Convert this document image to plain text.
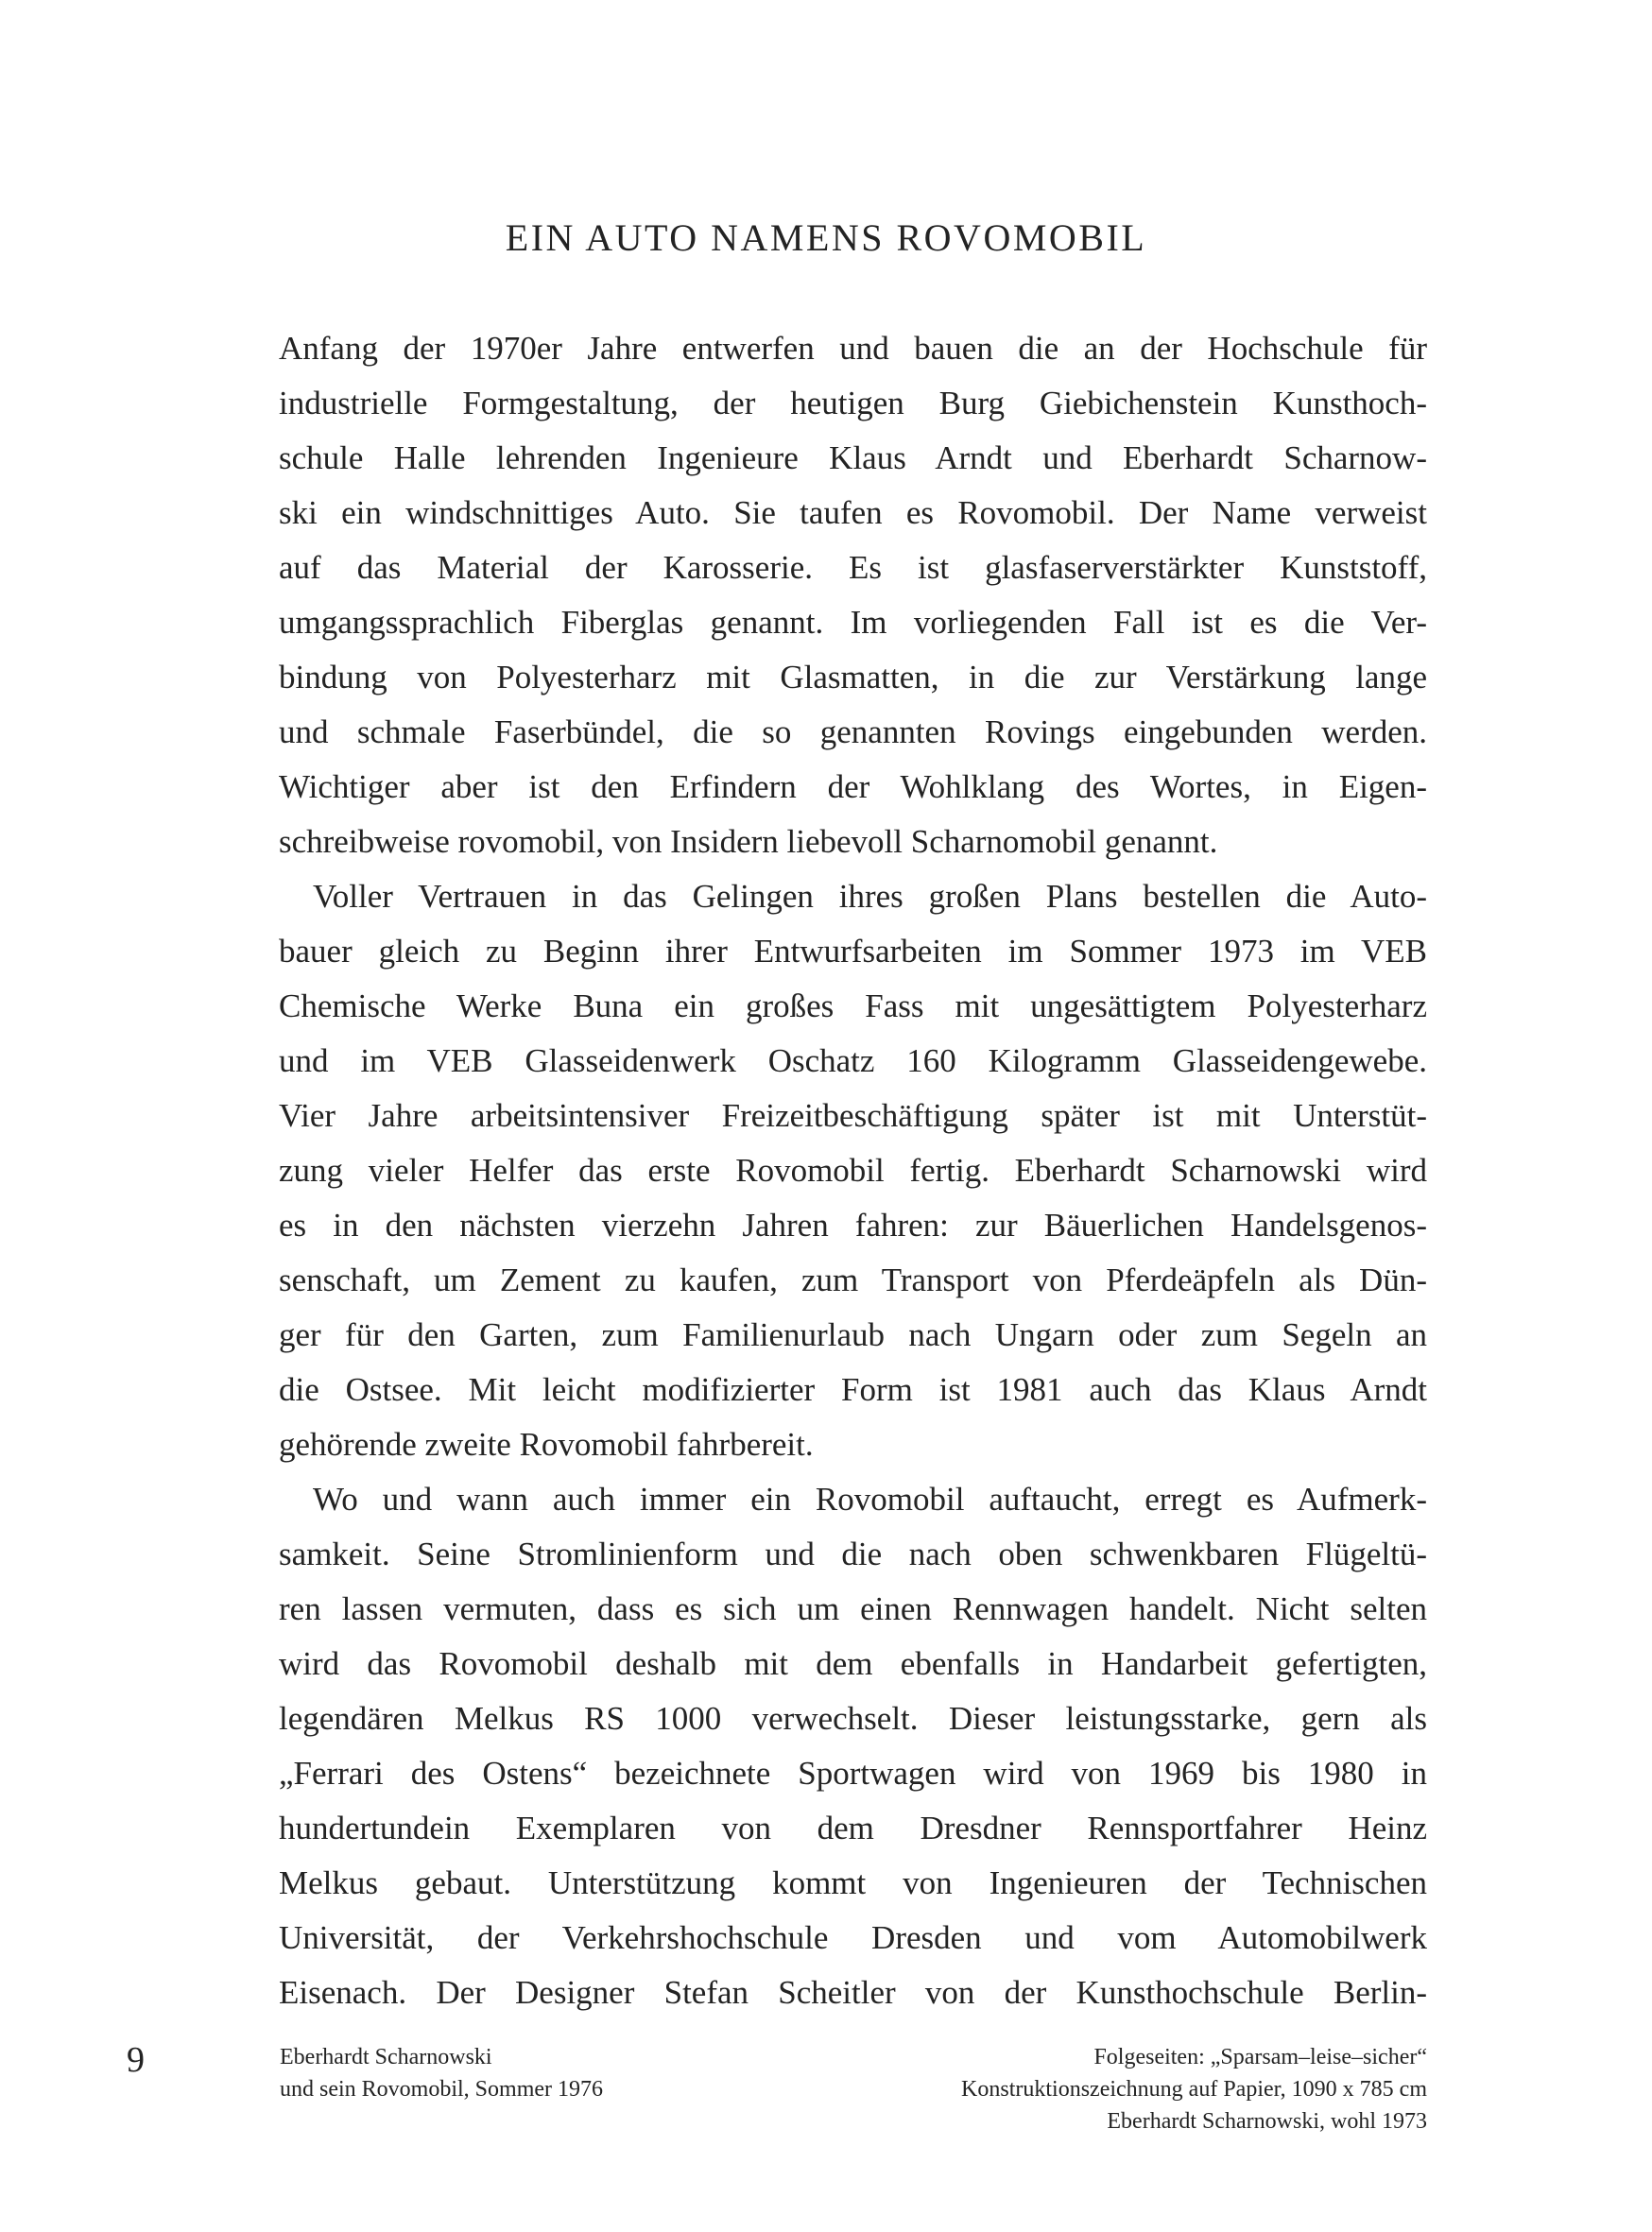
EIN AUTO NAMENS ROVOMOBIL
Anfang der 1970er Jahre entwerfen und bauen die an der Hochschule für
industrielle Formgestaltung, der heutigen Burg Giebichenstein Kunsthoch-
schule Halle lehrenden Ingenieure Klaus Arndt und Eberhardt Scharnow-
ski ein windschnittiges Auto. Sie taufen es Rovomobil. Der Name verweist
auf das Material der Karosserie. Es ist glasfaserverstärkter Kunststoff,
umgangssprachlich Fiberglas genannt. Im vorliegenden Fall ist es die Ver-
bindung von Polyesterharz mit Glasmatten, in die zur Verstärkung lange
und schmale Faserbündel, die so genannten Rovings eingebunden werden.
Wichtiger aber ist den Erfindern der Wohlklang des Wortes, in Eigen-
schreibweise rovomobil, von Insidern liebevoll Scharnomobil genannt.
Voller Vertrauen in das Gelingen ihres großen Plans bestellen die Auto-
bauer gleich zu Beginn ihrer Entwurfsarbeiten im Sommer 1973 im VEB
Chemische Werke Buna ein großes Fass mit ungesättigtem Polyesterharz
und im VEB Glasseidenwerk Oschatz 160 Kilogramm Glasseidengewebe.
Vier Jahre arbeitsintensiver Freizeitbeschäftigung später ist mit Unterstüt-
zung vieler Helfer das erste Rovomobil fertig. Eberhardt Scharnowski wird
es in den nächsten vierzehn Jahren fahren: zur Bäuerlichen Handelsgenos-
senschaft, um Zement zu kaufen, zum Transport von Pferdeäpfeln als Dün-
ger für den Garten, zum Familienurlaub nach Ungarn oder zum Segeln an
die Ostsee. Mit leicht modifizierter Form ist 1981 auch das Klaus Arndt
gehörende zweite Rovomobil fahrbereit.
Wo und wann auch immer ein Rovomobil auftaucht, erregt es Aufmerk-
samkeit. Seine Stromlinienform und die nach oben schwenkbaren Flügeltü-
ren lassen vermuten, dass es sich um einen Rennwagen handelt. Nicht selten
wird das Rovomobil deshalb mit dem ebenfalls in Handarbeit gefertigten,
legendären Melkus RS 1000 verwechselt. Dieser leistungsstarke, gern als
„Ferrari des Ostens“ bezeichnete Sportwagen wird von 1969 bis 1980 in
hundertundein Exemplaren von dem Dresdner Rennsportfahrer Heinz
Melkus gebaut. Unterstützung kommt von Ingenieuren der Technischen
Universität, der Verkehrshochschule Dresden und vom Automobilwerk
Eisenach. Der Designer Stefan Scheitler von der Kunsthochschule Berlin-
9	Eberhardt Scharnowski
und sein Rovomobil, Sommer 1976
Folgeseiten: „Sparsam–leise–sicher“
Konstruktionszeichnung auf Papier, 1090 x 785 cm
Eberhardt Scharnowski, wohl 1973
